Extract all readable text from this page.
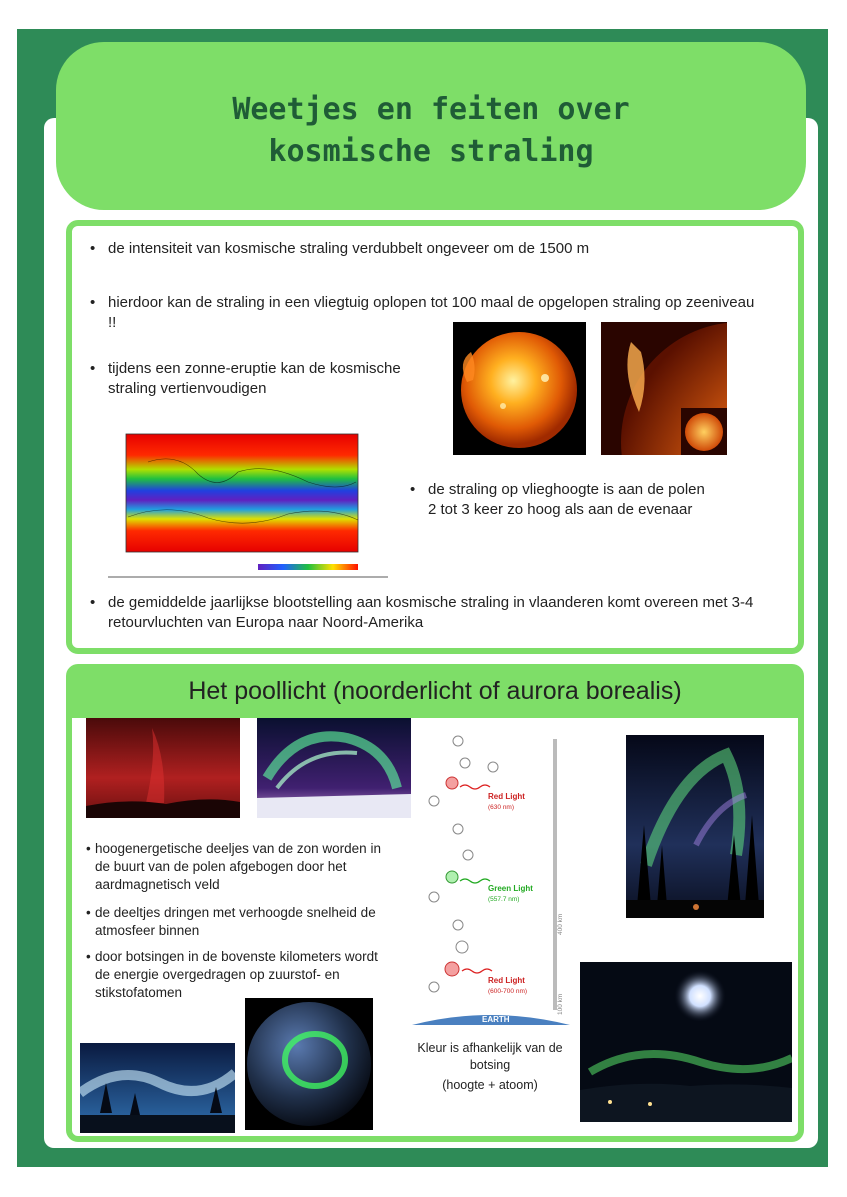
Weetjes en feiten over
kosmische straling
• de intensiteit van kosmische straling verdubbelt ongeveer om de 1500 m
• hierdoor kan de straling in een vliegtuig oplopen tot 100 maal de opgelopen straling op zeeniveau !!
• tijdens een zonne-eruptie kan de kosmische straling vertienvoudigen
• de straling op vlieghoogte is aan de polen 2 tot 3 keer zo hoog als aan de evenaar
• de gemiddelde jaarlijkse blootstelling aan kosmische straling in vlaanderen komt overeen met 3-4 retourvluchten van Europa naar Noord-Amerika
Het poollicht (noorderlicht of aurora borealis)
• hoogenergetische deeljes van de zon worden in de buurt van de polen afgebogen door het aardmagnetisch veld
• de deeltjes dringen met verhoogde snelheid de atmosfeer binnen
• door botsingen in de bovenste kilometers wordt de energie overgedragen op zuurstof- en stikstofatomen
Red Light
(630 nm)
Green Light
(557.7 nm)
400 km
Red Light
(600-700 nm)
100 km
EARTH
Kleur is afhankelijk van de botsing
(hoogte + atoom)
